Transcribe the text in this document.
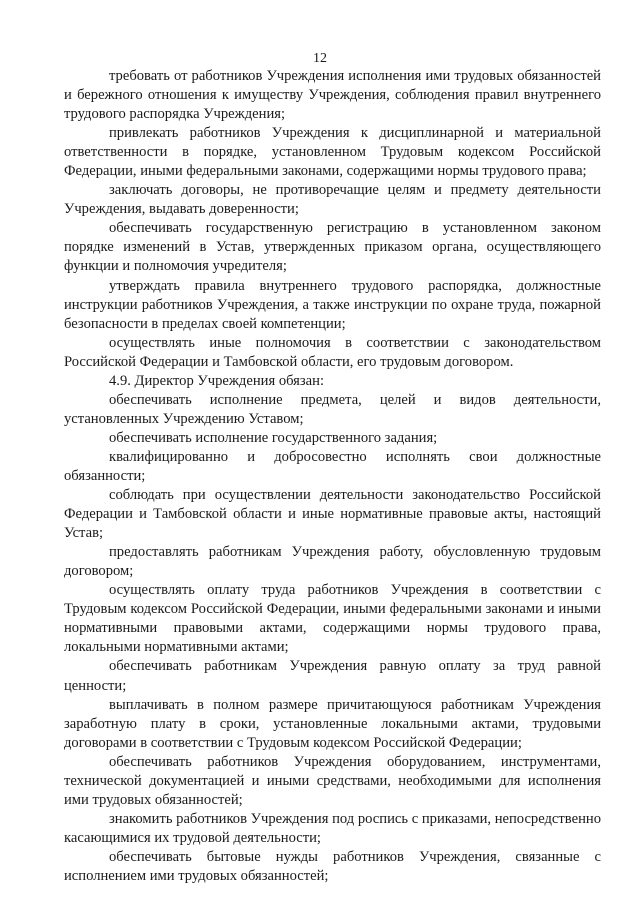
12

требовать от работников Учреждения исполнения ими трудовых обязанностей и бережного отношения к имуществу Учреждения, соблюдения правил внутреннего трудового распорядка Учреждения;

привлекать работников Учреждения к дисциплинарной и материальной ответственности в порядке, установленном Трудовым кодексом Российской Федерации, иными федеральными законами, содержащими нормы трудового права;

заключать договоры, не противоречащие целям и предмету деятельности Учреждения, выдавать доверенности;

обеспечивать государственную регистрацию в установленном законом порядке изменений в Устав, утвержденных приказом органа, осуществляющего функции и полномочия учредителя;

утверждать правила внутреннего трудового распорядка, должностные инструкции работников Учреждения, а также инструкции по охране труда, пожарной безопасности в пределах своей компетенции;

осуществлять иные полномочия в соответствии с законодательством Российской Федерации и Тамбовской области, его трудовым договором.

4.9. Директор Учреждения обязан:

обеспечивать исполнение предмета, целей и видов деятельности, установленных Учреждению Уставом;

обеспечивать исполнение государственного задания;

квалифицированно и добросовестно исполнять свои должностные обязанности;

соблюдать при осуществлении деятельности законодательство Российской Федерации и Тамбовской области и иные нормативные правовые акты, настоящий Устав;

предоставлять работникам Учреждения работу, обусловленную трудовым договором;

осуществлять оплату труда работников Учреждения в соответствии с Трудовым кодексом Российской Федерации, иными федеральными законами и иными нормативными правовыми актами, содержащими нормы трудового права, локальными нормативными актами;

обеспечивать работникам Учреждения равную оплату за труд равной ценности;

выплачивать в полном размере причитающуюся работникам Учреждения заработную плату в сроки, установленные локальными актами, трудовыми договорами в соответствии с Трудовым кодексом Российской Федерации;

обеспечивать работников Учреждения оборудованием, инструментами, технической документацией и иными средствами, необходимыми для исполнения ими трудовых обязанностей;

знакомить работников Учреждения под роспись с приказами, непосредственно касающимися их трудовой деятельности;

обеспечивать бытовые нужды работников Учреждения, связанные с исполнением ими трудовых обязанностей;
